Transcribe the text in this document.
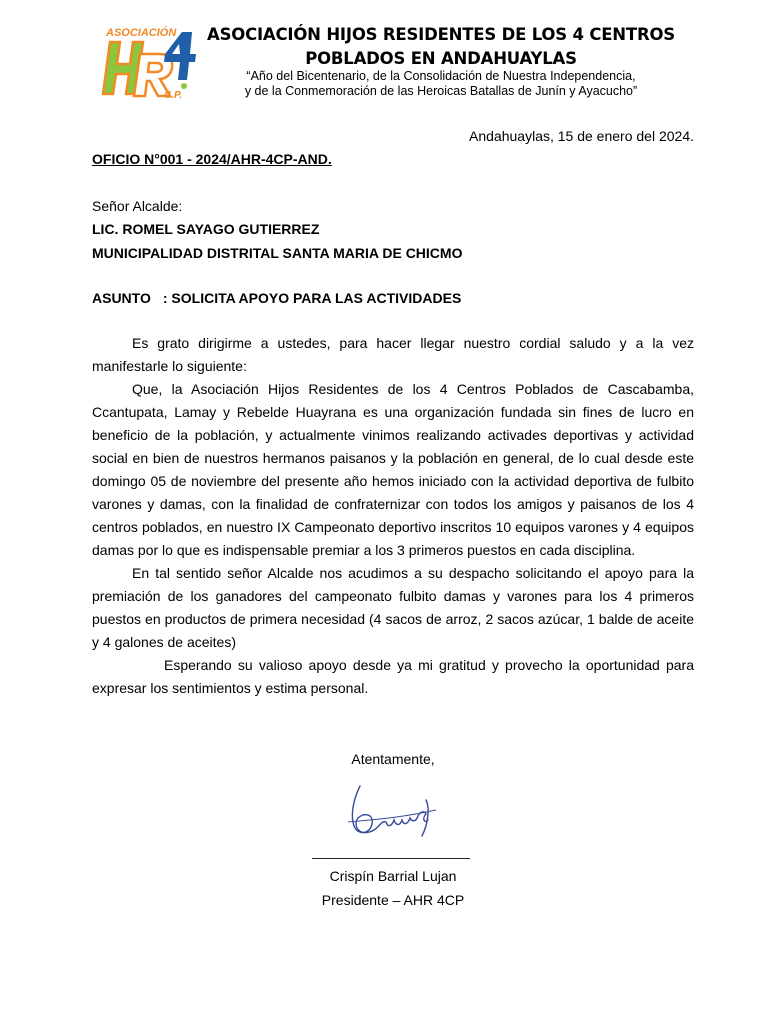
ASOCIACIÓN
C.P.
ASOCIACIÓN HIJOS RESIDENTES DE LOS 4 CENTROS
POBLADOS EN ANDAHUAYLAS
“Año del Bicentenario, de la Consolidación de Nuestra Independencia,
y de la Conmemoración de las Heroicas Batallas de Junín y Ayacucho”
Andahuaylas, 15 de enero del 2024.
OFICIO N°001 - 2024/AHR-4CP-AND.
Señor Alcalde:
LIC. ROMEL SAYAGO GUTIERREZ
MUNICIPALIDAD DISTRITAL SANTA MARIA DE CHICMO
ASUNTO : SOLICITA APOYO PARA LAS ACTIVIDADES

Es grato dirigirme a ustedes, para hacer llegar nuestro cordial saludo y a la vez manifestarle lo siguiente:

Que, la Asociación Hijos Residentes de los 4 Centros Poblados de Cascabamba, Ccantupata, Lamay y Rebelde Huayrana es una organización fundada sin fines de lucro en beneficio de la población, y actualmente vinimos realizando activades deportivas y actividad social en bien de nuestros hermanos paisanos y la población en general, de lo cual desde este domingo 05 de noviembre del presente año hemos iniciado con la actividad deportiva de fulbito varones y damas, con la finalidad de confraternizar con todos los amigos y paisanos de los 4 centros poblados, en nuestro IX Campeonato deportivo inscritos 10 equipos varones y 4 equipos damas por lo que es indispensable premiar a los 3 primeros puestos en cada disciplina.

En tal sentido señor Alcalde nos acudimos a su despacho solicitando el apoyo para la premiación de los ganadores del campeonato fulbito damas y varones para los 4 primeros puestos en productos de primera necesidad (4 sacos de arroz, 2 sacos azúcar, 1 balde de aceite y 4 galones de aceites)

Esperando su valioso apoyo desde ya mi gratitud y provecho la oportunidad para expresar los sentimientos y estima personal.

Atentamente,
Crispín Barrial Lujan
Presidente – AHR 4CP
